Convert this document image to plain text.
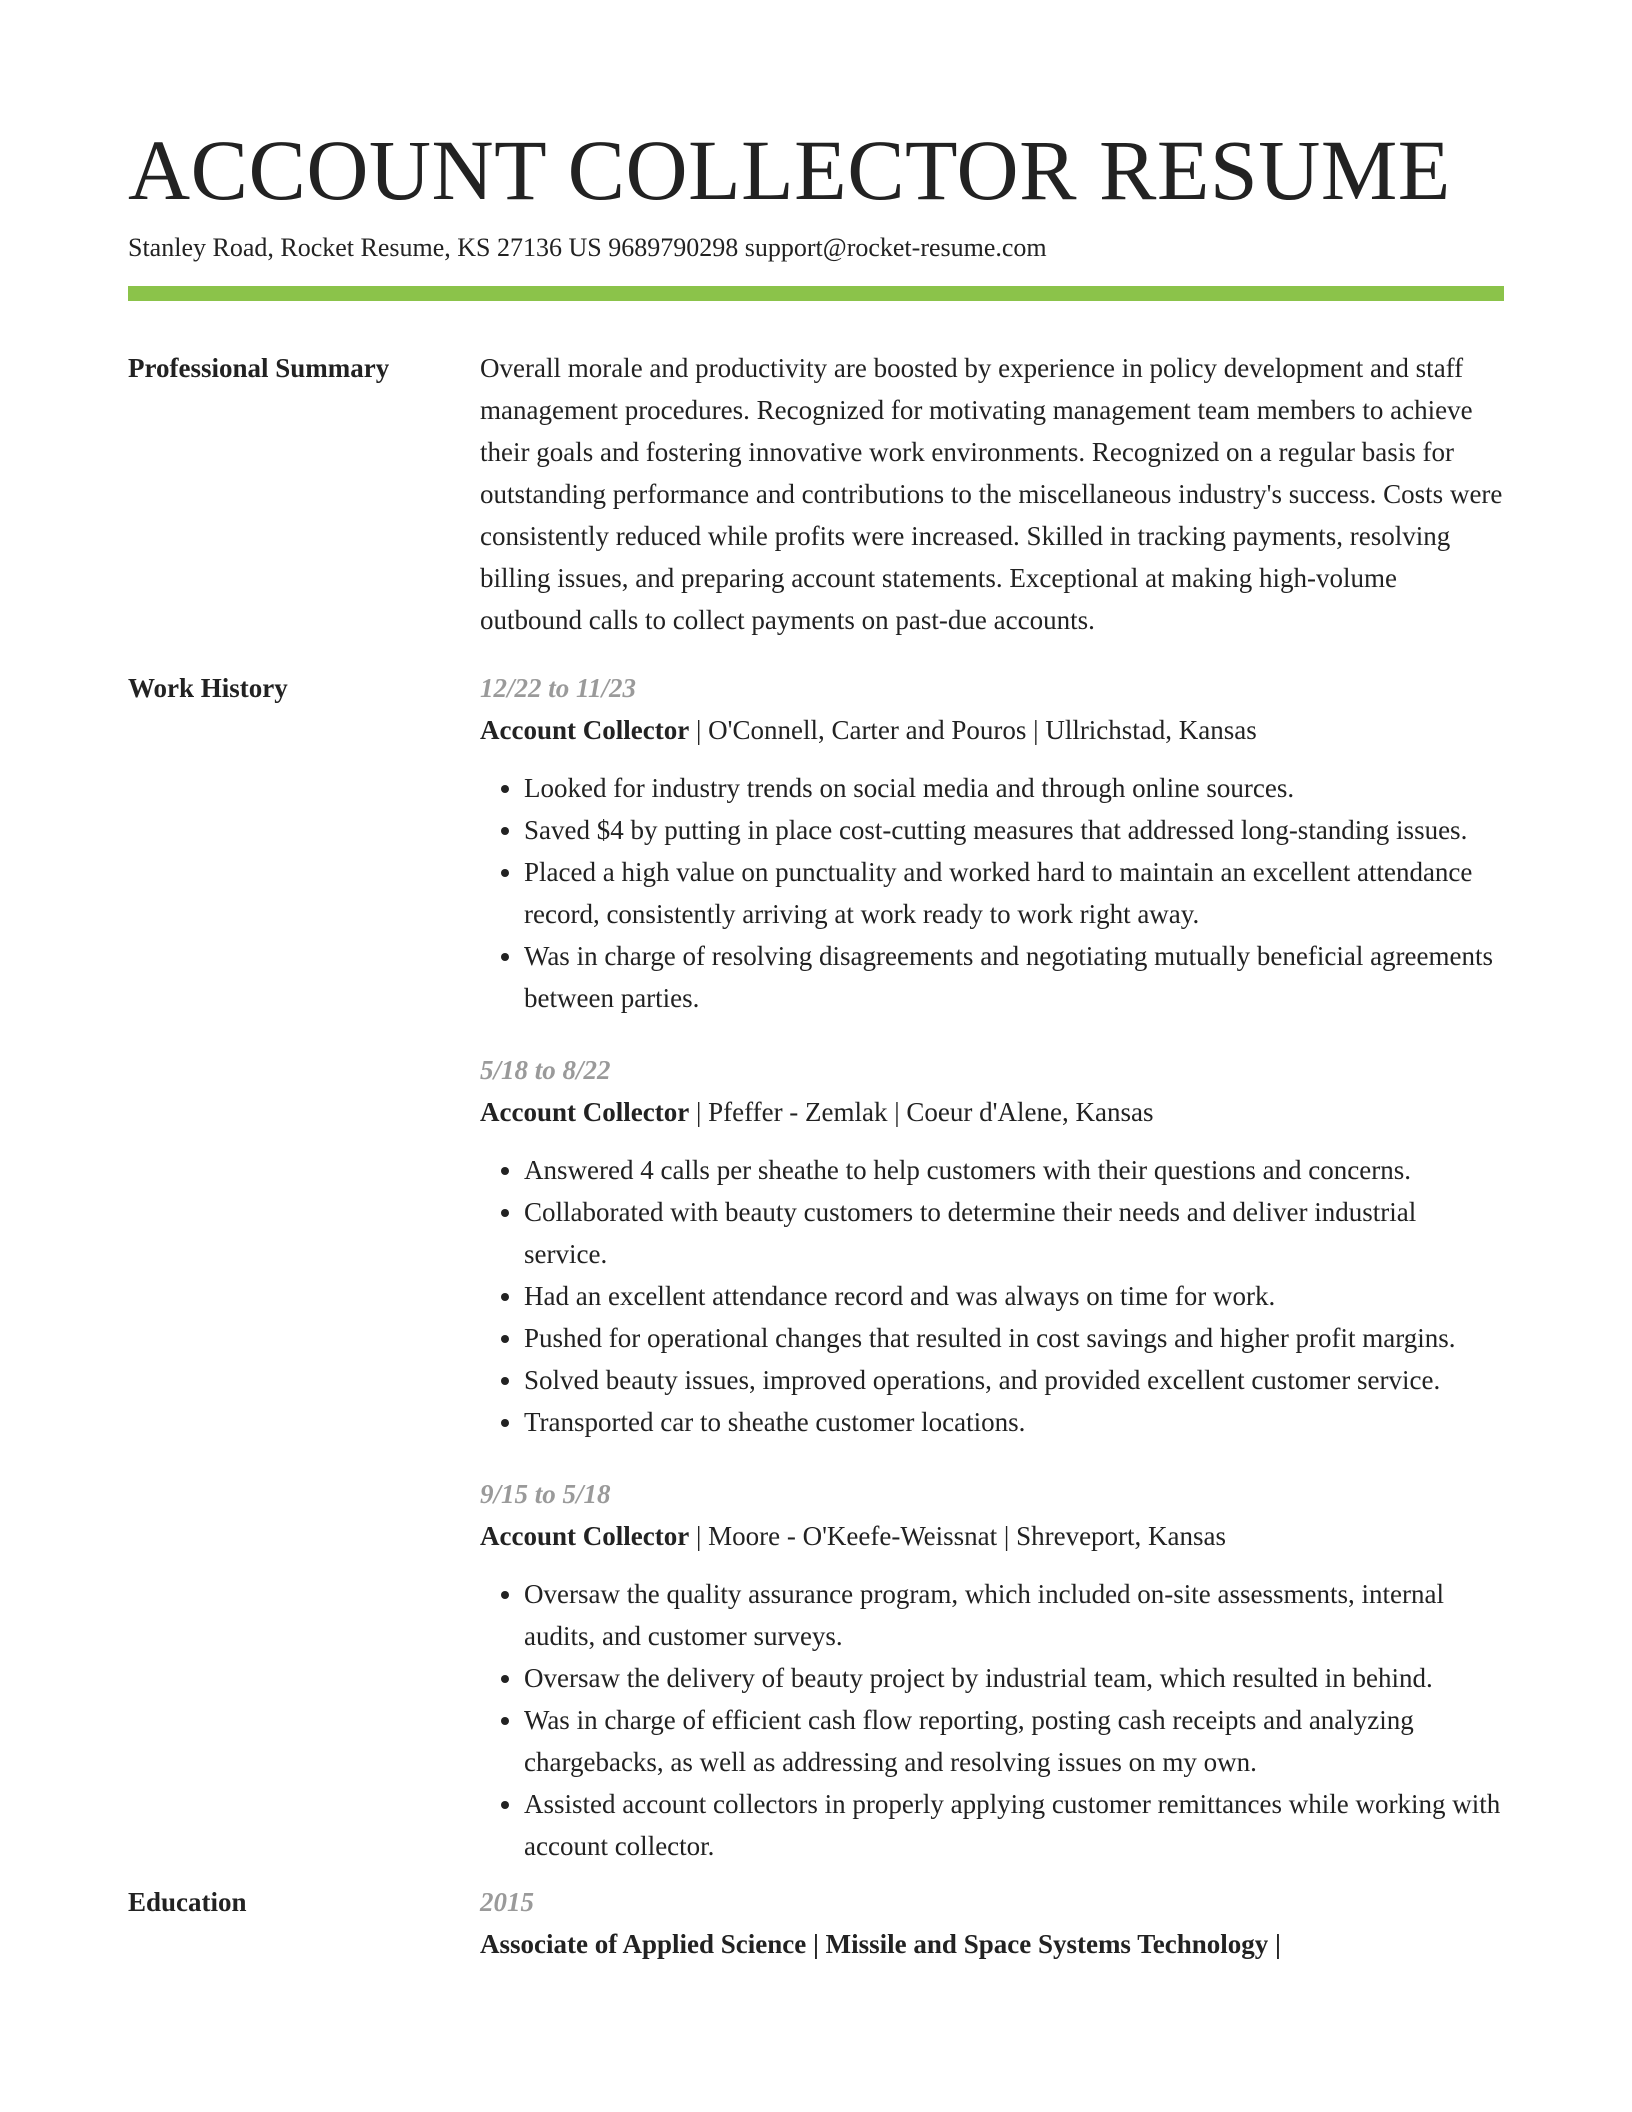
ACCOUNT COLLECTOR RESUME
Stanley Road, Rocket Resume, KS 27136 US 9689790298 support@rocket-resume.com
Professional Summary	Overall morale and productivity are boosted by experience in policy development and staff management procedures. Recognized for motivating management team members to achieve their goals and fostering innovative work environments. Recognized on a regular basis for outstanding performance and contributions to the miscellaneous industry's success. Costs were consistently reduced while profits were increased. Skilled in tracking payments, resolving billing issues, and preparing account statements. Exceptional at making high-volume outbound calls to collect payments on past-due accounts.

Work History	12/22 to 11/23
Account Collector | O'Connell, Carter and Pouros | Ullrichstad, Kansas
• Looked for industry trends on social media and through online sources.
• Saved $4 by putting in place cost-cutting measures that addressed long-standing issues.
• Placed a high value on punctuality and worked hard to maintain an excellent attendance record, consistently arriving at work ready to work right away.
• Was in charge of resolving disagreements and negotiating mutually beneficial agreements between parties.
5/18 to 8/22
Account Collector | Pfeffer - Zemlak | Coeur d'Alene, Kansas
• Answered 4 calls per sheathe to help customers with their questions and concerns.
• Collaborated with beauty customers to determine their needs and deliver industrial service.
• Had an excellent attendance record and was always on time for work.
• Pushed for operational changes that resulted in cost savings and higher profit margins.
• Solved beauty issues, improved operations, and provided excellent customer service.
• Transported car to sheathe customer locations.
9/15 to 5/18
Account Collector | Moore - O'Keefe-Weissnat | Shreveport, Kansas
• Oversaw the quality assurance program, which included on-site assessments, internal audits, and customer surveys.
• Oversaw the delivery of beauty project by industrial team, which resulted in behind.
• Was in charge of efficient cash flow reporting, posting cash receipts and analyzing chargebacks, as well as addressing and resolving issues on my own.
• Assisted account collectors in properly applying customer remittances while working with account collector.
Education	2015
Associate of Applied Science | Missile and Space Systems Technology |
